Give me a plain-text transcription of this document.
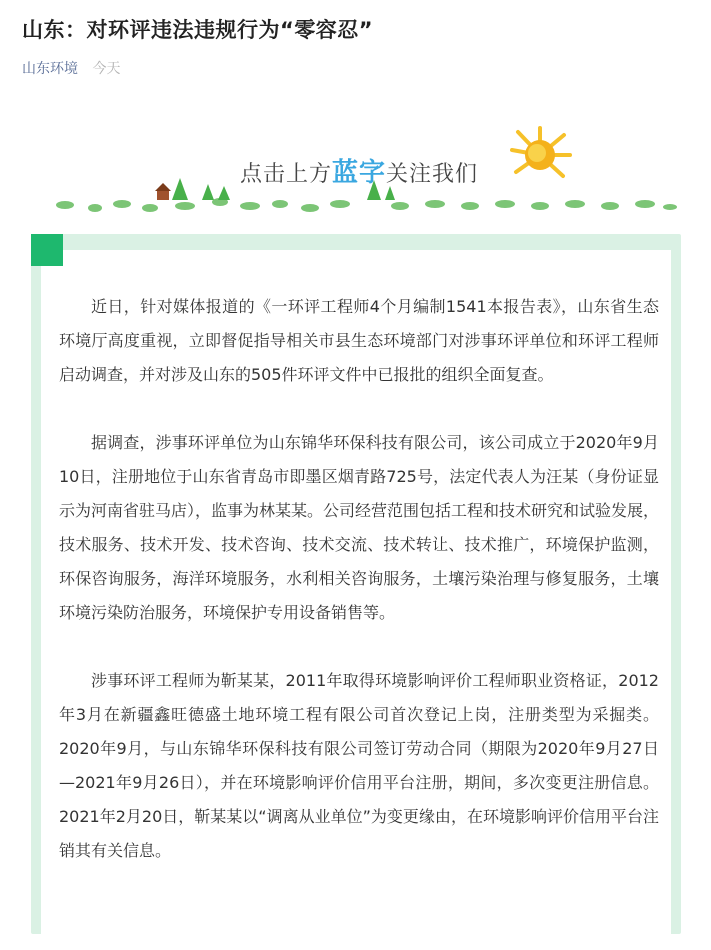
山东：对环评违法违规行为“零容忍”
山东环境 今天
点击上方蓝字关注我们

近日，针对媒体报道的《一环评工程师4个月编制1541本报告表》，山东省生态环境厅高度重视，立即督促指导相关市县生态环境部门对涉事环评单位和环评工程师启动调查，并对涉及山东的505件环评文件中已报批的组织全面复查。

据调查，涉事环评单位为山东锦华环保科技有限公司，该公司成立于2020年9月10日，注册地位于山东省青岛市即墨区烟青路725号，法定代表人为汪某（身份证显示为河南省驻马店），监事为林某某。公司经营范围包括工程和技术研究和试验发展，技术服务、技术开发、技术咨询、技术交流、技术转让、技术推广，环境保护监测，环保咨询服务，海洋环境服务，水利相关咨询服务，土壤污染治理与修复服务，土壤环境污染防治服务，环境保护专用设备销售等。

涉事环评工程师为靳某某，2011年取得环境影响评价工程师职业资格证，2012年3月在新疆鑫旺德盛土地环境工程有限公司首次登记上岗，注册类型为采掘类。2020年9月，与山东锦华环保科技有限公司签订劳动合同（期限为2020年9月27日—2021年9月26日），并在环境影响评价信用平台注册，期间，多次变更注册信息。2021年2月20日，靳某某以“调离从业单位”为变更缘由，在环境影响评价信用平台注销其有关信息。
